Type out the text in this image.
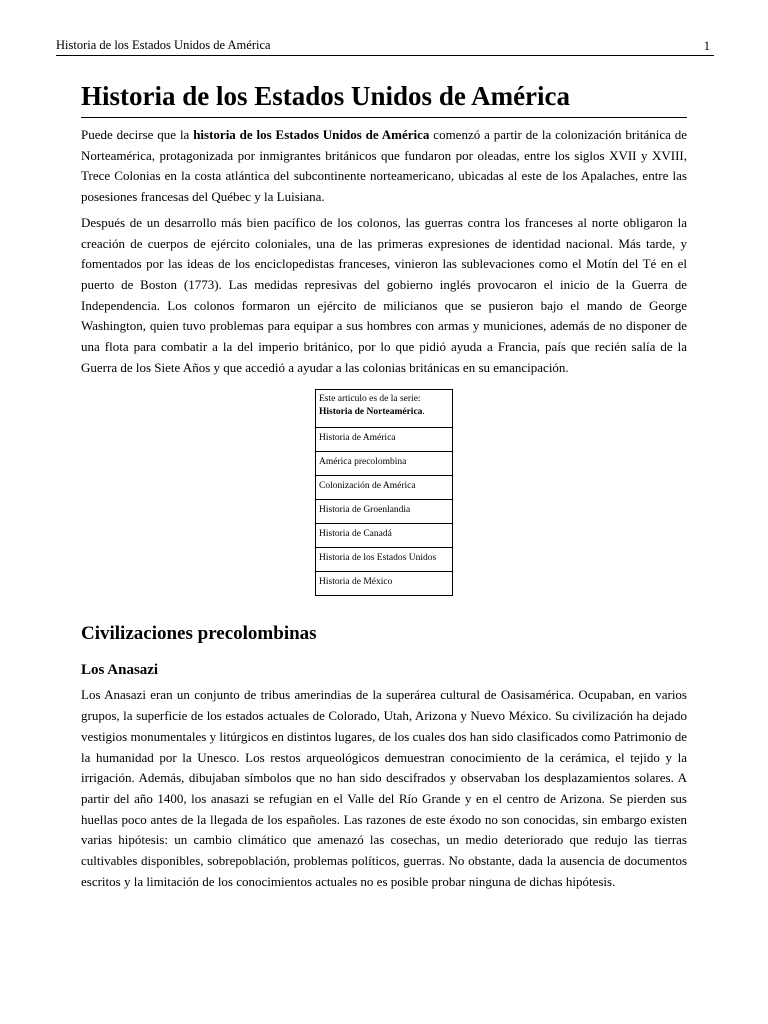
Historia de los Estados Unidos de América	1
Historia de los Estados Unidos de América

Puede decirse que la historia de los Estados Unidos de América comenzó a partir de la colonización británica de Norteamérica, protagonizada por inmigrantes británicos que fundaron por oleadas, entre los siglos XVII y XVIII, Trece Colonias en la costa atlántica del subcontinente norteamericano, ubicadas al este de los Apalaches, entre las posesiones francesas del Québec y la Luisiana.

Después de un desarrollo más bien pacífico de los colonos, las guerras contra los franceses al norte obligaron la creación de cuerpos de ejército coloniales, una de las primeras expresiones de identidad nacional. Más tarde, y fomentados por las ideas de los enciclopedistas franceses, vinieron las sublevaciones como el Motín del Té en el puerto de Boston (1773). Las medidas represivas del gobierno inglés provocaron el inicio de la Guerra de Independencia. Los colonos formaron un ejército de milicianos que se pusieron bajo el mando de George Washington, quien tuvo problemas para equipar a sus hombres con armas y municiones, además de no disponer de una flota para combatir a la del imperio británico, por lo que pidió ayuda a Francia, país que recién salía de la Guerra de los Siete Años y que accedió a ayudar a las colonias británicas en su emancipación.

Este artículo es de la serie:
Historia de Norteamérica.
Historia de América
América precolombina
Colonización de América
Historia de Groenlandia
Historia de Canadá
Historia de los Estados Unidos
Historia de México
Civilizaciones precolombinas
Los Anasazi

Los Anasazi eran un conjunto de tribus amerindias de la superárea cultural de Oasisamérica. Ocupaban, en varios grupos, la superficie de los estados actuales de Colorado, Utah, Arizona y Nuevo México. Su civilización ha dejado vestigios monumentales y litúrgicos en distintos lugares, de los cuales dos han sido clasificados como Patrimonio de la humanidad por la Unesco. Los restos arqueológicos demuestran conocimiento de la cerámica, el tejido y la irrigación. Además, dibujaban símbolos que no han sido descifrados y observaban los desplazamientos solares. A partir del año 1400, los anasazi se refugian en el Valle del Río Grande y en el centro de Arizona. Se pierden sus huellas poco antes de la llegada de los españoles. Las razones de este éxodo no son conocidas, sin embargo existen varias hipótesis: un cambio climático que amenazó las cosechas, un medio deteriorado que redujo las tierras cultivables disponibles, sobrepoblación, problemas políticos, guerras. No obstante, dada la ausencia de documentos escritos y la limitación de los conocimientos actuales no es posible probar ninguna de dichas hipótesis.
